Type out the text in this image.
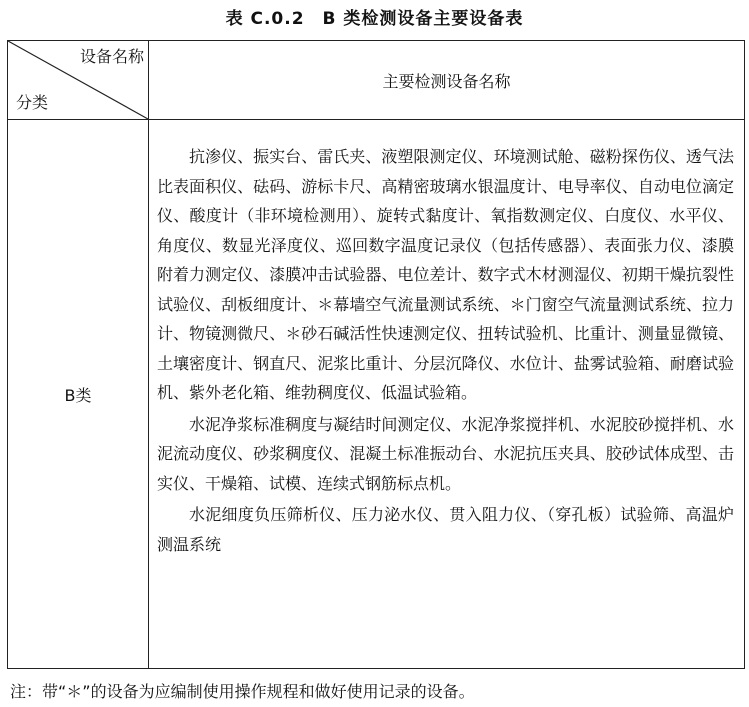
表 C.0.2　B 类检测设备主要设备表
设备名称
分类	主要检测设备名称
B类	抗渗仪、振实台、雷氏夹、液塑限测定仪、环境测试舱、磁粉探伤仪、透气法比表面积仪、砝码、游标卡尺、高精密玻璃水银温度计、电导率仪、自动电位滴定仪、酸度计（非环境检测用）、旋转式黏度计、氧指数测定仪、白度仪、水平仪、角度仪、数显光泽度仪、巡回数字温度记录仪（包括传感器）、表面张力仪、漆膜附着力测定仪、漆膜冲击试验器、电位差计、数字式木材测湿仪、初期干燥抗裂性试验仪、刮板细度计、＊幕墙空气流量测试系统、＊门窗空气流量测试系统、拉力计、物镜测微尺、＊砂石碱活性快速测定仪、扭转试验机、比重计、测量显微镜、土壤密度计、钢直尺、泥浆比重计、分层沉降仪、水位计、盐雾试验箱、耐磨试验机、紫外老化箱、维勃稠度仪、低温试验箱。

水泥净浆标准稠度与凝结时间测定仪、水泥净浆搅拌机、水泥胶砂搅拌机、水泥流动度仪、砂浆稠度仪、混凝土标准振动台、水泥抗压夹具、胶砂试体成型、击实仪、干燥箱、试模、连续式钢筋标点机。

水泥细度负压筛析仪、压力泌水仪、贯入阻力仪、（穿孔板）试验筛、高温炉测温系统

注：带“＊”的设备为应编制使用操作规程和做好使用记录的设备。
